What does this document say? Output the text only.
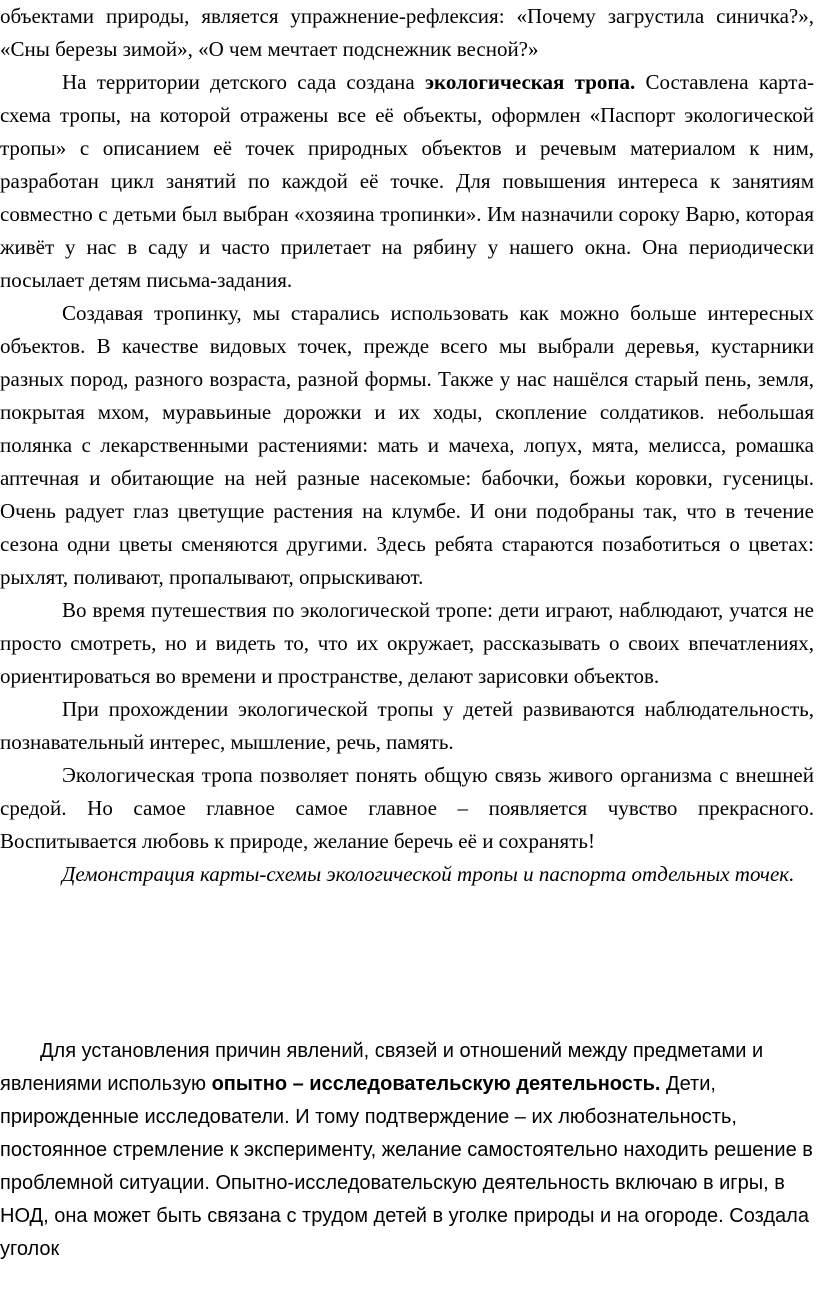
объектами природы, является упражнение-рефлексия: «Почему загрустила синичка?», «Сны березы зимой», «О чем мечтает подснежник весной?»

На территории детского сада создана экологическая тропа. Составлена карта-схема тропы, на которой отражены все её объекты, оформлен «Паспорт экологической тропы» с описанием её точек природных объектов и речевым материалом к ним, разработан цикл занятий по каждой её точке. Для повышения интереса к занятиям совместно с детьми был выбран «хозяина тропинки». Им назначили сороку Варю, которая живёт у нас в саду и часто прилетает на рябину у нашего окна. Она периодически посылает детям письма-задания.

Создавая тропинку, мы старались использовать как можно больше интересных объектов. В качестве видовых точек, прежде всего мы выбрали деревья, кустарники разных пород, разного возраста, разной формы. Также у нас нашёлся старый пень, земля, покрытая мхом, муравьиные дорожки и их ходы, скопление солдатиков. небольшая полянка с лекарственными растениями: мать и мачеха, лопух, мята, мелисса, ромашка аптечная и обитающие на ней разные насекомые: бабочки, божьи коровки, гусеницы. Очень радует глаз цветущие растения на клумбе. И они подобраны так, что в течение сезона одни цветы сменяются другими. Здесь ребята стараются позаботиться о цветах: рыхлят, поливают, пропалывают, опрыскивают.

Во время путешествия по экологической тропе: дети играют, наблюдают, учатся не просто смотреть, но и видеть то, что их окружает, рассказывать о своих впечатлениях, ориентироваться во времени и пространстве, делают зарисовки объектов.

При прохождении экологической тропы у детей развиваются наблюдательность, познавательный интерес, мышление, речь, память.

Экологическая тропа позволяет понять общую связь живого организма с внешней средой. Но самое главное самое главное – появляется чувство прекрасного. Воспитывается любовь к природе, желание беречь её и сохранять!

Демонстрация карты-схемы экологической тропы и паспорта отдельных точек.

Для установления причин явлений, связей и отношений между предметами и явлениями использую опытно – исследовательскую деятельность. Дети, прирожденные исследователи. И тому подтверждение – их любознательность, постоянное стремление к эксперименту, желание самостоятельно находить решение в проблемной ситуации. Опытно-исследовательскую деятельность включаю в игры, в НОД, она может быть связана с трудом детей в уголке природы и на огороде. Создала уголок
